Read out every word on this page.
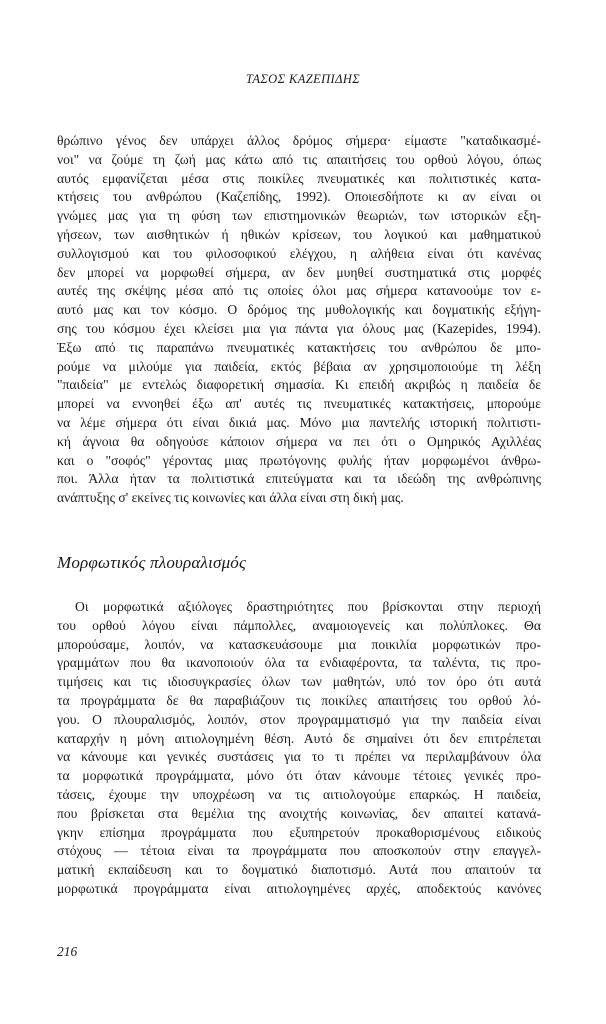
ΤΑΣΟΣ ΚΑΖΕΠΙΔΗΣ
θρώπινο γένος δεν υπάρχει άλλος δρόμος σήμερα· είμαστε "καταδικασμέ-
νοι" να ζούμε τη ζωή μας κάτω από τις απαιτήσεις του ορθού λόγου, όπως
αυτός εμφανίζεται μέσα στις ποικίλες πνευματικές και πολιτιστικές κατα-
κτήσεις του ανθρώπου (Καζεπίδης, 1992). Οποιεσδήποτε κι αν είναι οι
γνώμες μας για τη φύση των επιστημονικών θεωριών, των ιστορικών εξη-
γήσεων, των αισθητικών ή ηθικών κρίσεων, του λογικού και μαθηματικού
συλλογισμού και του φιλοσοφικού ελέγχου, η αλήθεια είναι ότι κανένας
δεν μπορεί να μορφωθεί σήμερα, αν δεν μυηθεί συστηματικά στις μορφές
αυτές της σκέψης μέσα από τις οποίες όλοι μας σήμερα κατανοούμε τον ε-
αυτό μας και τον κόσμο. Ο δρόμος της μυθολογικής και δογματικής εξήγη-
σης του κόσμου έχει κλείσει μια για πάντα για όλους μας (Kazepides, 1994).
Έξω από τις παραπάνω πνευματικές κατακτήσεις του ανθρώπου δε μπο-
ρούμε να μιλούμε για παιδεία, εκτός βέβαια αν χρησιμοποιούμε τη λέξη
"παιδεία" με εντελώς διαφορετική σημασία. Κι επειδή ακριβώς η παιδεία δε
μπορεί να εννοηθεί έξω απ' αυτές τις πνευματικές κατακτήσεις, μπορούμε
να λέμε σήμερα ότι είναι δικιά μας. Μόνο μια παντελής ιστορική πολιτιστι-
κή άγνοια θα οδηγούσε κάποιον σήμερα να πει ότι ο Ομηρικός Αχιλλέας
και ο "σοφός" γέροντας μιας πρωτόγονης φυλής ήταν μορφωμένοι άνθρω-
ποι. Άλλα ήταν τα πολιτιστικά επιτεύγματα και τα ιδεώδη της ανθρώπινης
ανάπτυξης σ' εκείνες τις κοινωνίες και άλλα είναι στη δική μας.
Μορφωτικός πλουραλισμός
Οι μορφωτικά αξιόλογες δραστηριότητες που βρίσκονται στην περιοχή
του ορθού λόγου είναι πάμπολλες, αναμοιογενείς και πολύπλοκες. Θα
μπορούσαμε, λοιπόν, να κατασκευάσουμε μια ποικιλία μορφωτικών προ-
γραμμάτων που θα ικανοποιούν όλα τα ενδιαφέροντα, τα ταλέντα, τις προ-
τιμήσεις και τις ιδιοσυγκρασίες όλων των μαθητών, υπό τον όρο ότι αυτά
τα προγράμματα δε θα παραβιάζουν τις ποικίλες απαιτήσεις του ορθού λό-
γου. Ο πλουραλισμός, λοιπόν, στον προγραμματισμό για την παιδεία είναι
καταρχήν η μόνη αιτιολογημένη θέση. Αυτό δε σημαίνει ότι δεν επιτρέπεται
να κάνουμε και γενικές συστάσεις για το τι πρέπει να περιλαμβάνουν όλα
τα μορφωτικά προγράμματα, μόνο ότι όταν κάνουμε τέτοιες γενικές προ-
τάσεις, έχουμε την υποχρέωση να τις αιτιολογούμε επαρκώς. Η παιδεία,
που βρίσκεται στα θεμέλια της ανοιχτής κοινωνίας, δεν απαιτεί κατανά-
γκην επίσημα προγράμματα που εξυπηρετούν προκαθορισμένους ειδικούς
στόχους — τέτοια είναι τα προγράμματα που αποσκοπούν στην επαγγελ-
ματική εκπαίδευση και το δογματικό διαποτισμό. Αυτά που απαιτούν τα
μορφωτικά προγράμματα είναι αιτιολογημένες αρχές, αποδεκτούς κανόνες
216
